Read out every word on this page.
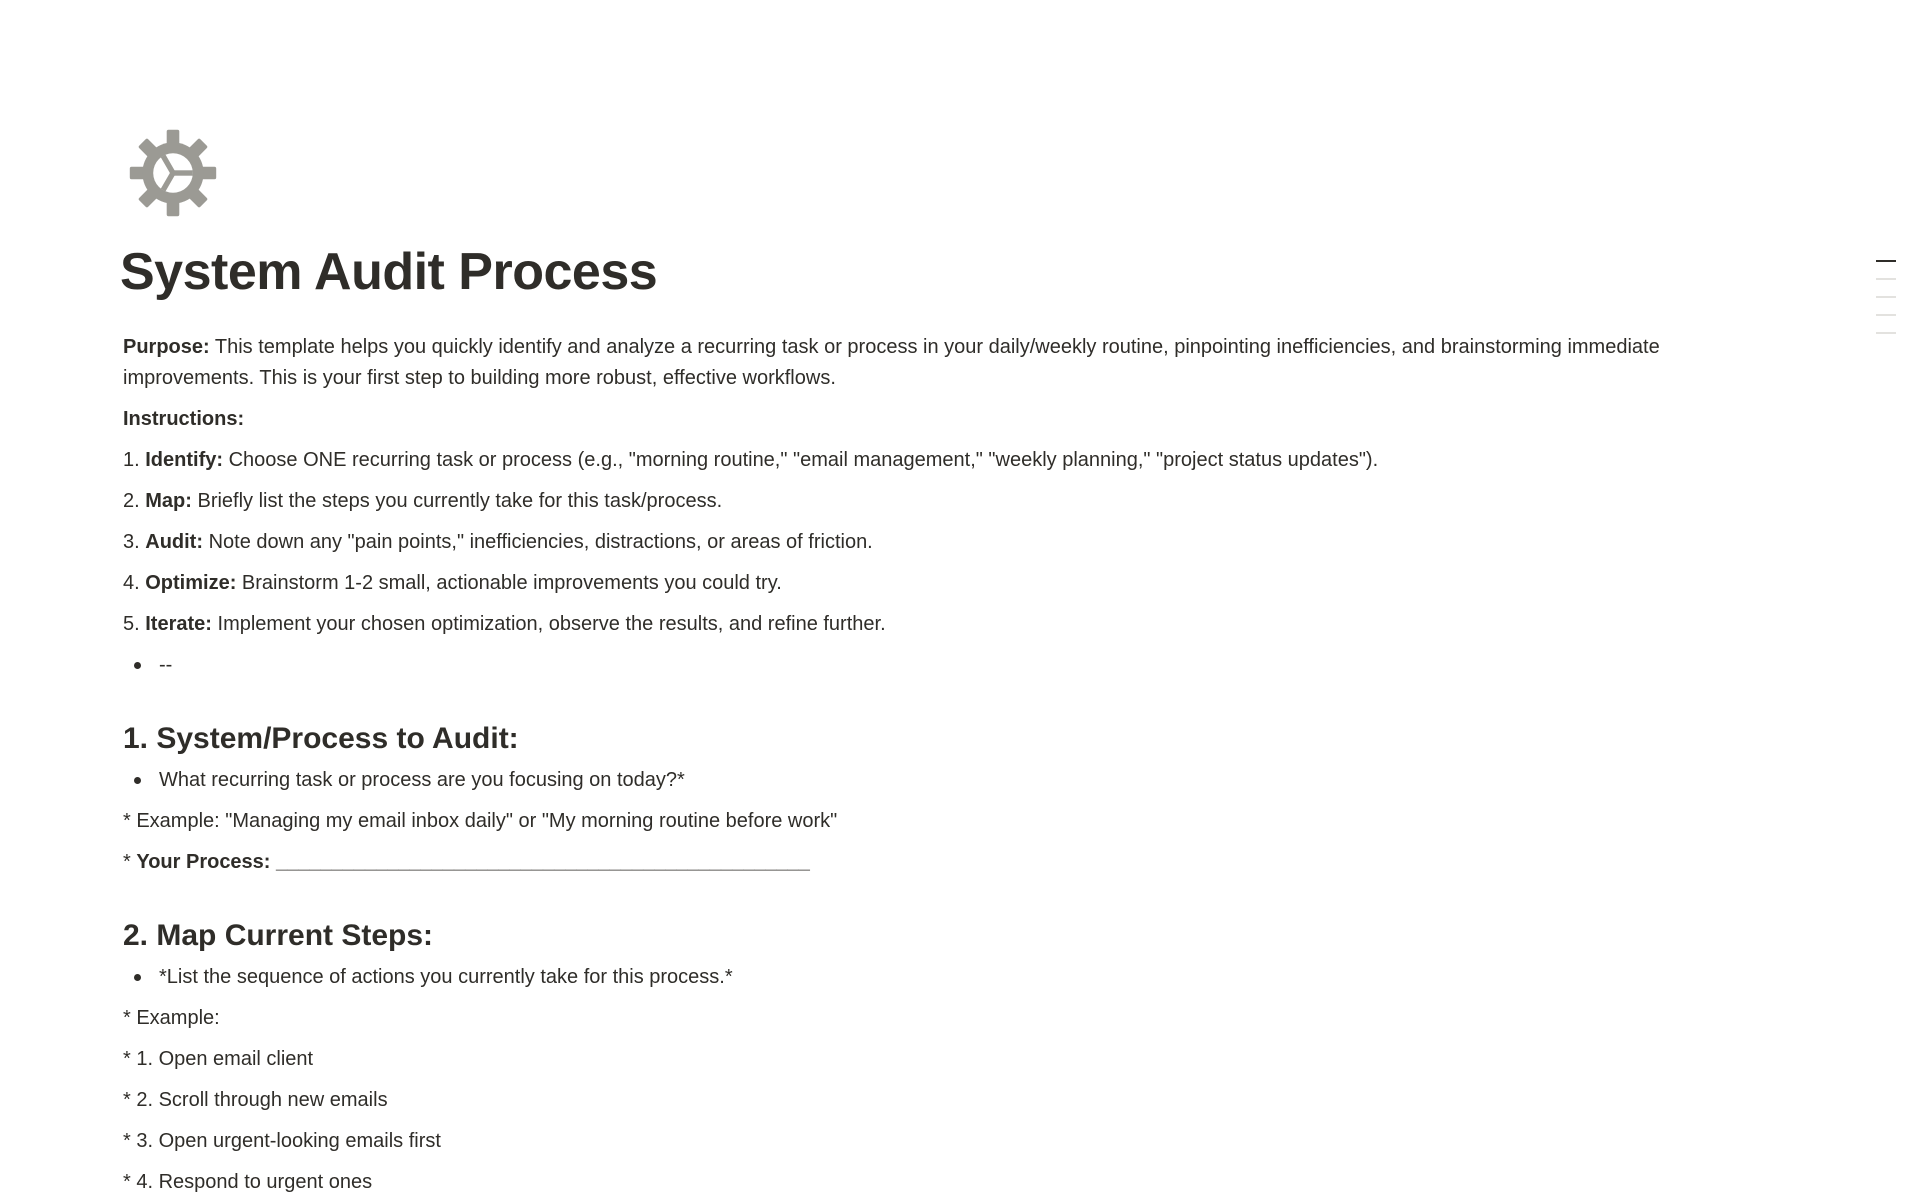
System Audit Process

Purpose: This template helps you quickly identify and analyze a recurring task or process in your daily/weekly routine, pinpointing inefficiencies, and brainstorming immediate improvements. This is your first step to building more robust, effective workflows.

Instructions:

1. Identify: Choose ONE recurring task or process (e.g., "morning routine," "email management," "weekly planning," "project status updates").

2. Map: Briefly list the steps you currently take for this task/process.

3. Audit: Note down any "pain points," inefficiencies, distractions, or areas of friction.

4. Optimize: Brainstorm 1-2 small, actionable improvements you could try.

5. Iterate: Implement your chosen optimization, observe the results, and refine further.

--
1. System/Process to Audit:
What recurring task or process are you focusing on today?*

* Example: "Managing my email inbox daily" or "My morning routine before work"

* Your Process: ________________________________________________

2. Map Current Steps:
*List the sequence of actions you currently take for this process.*

* Example:

* 1. Open email client

* 2. Scroll through new emails

* 3. Open urgent-looking emails first

* 4. Respond to urgent ones
